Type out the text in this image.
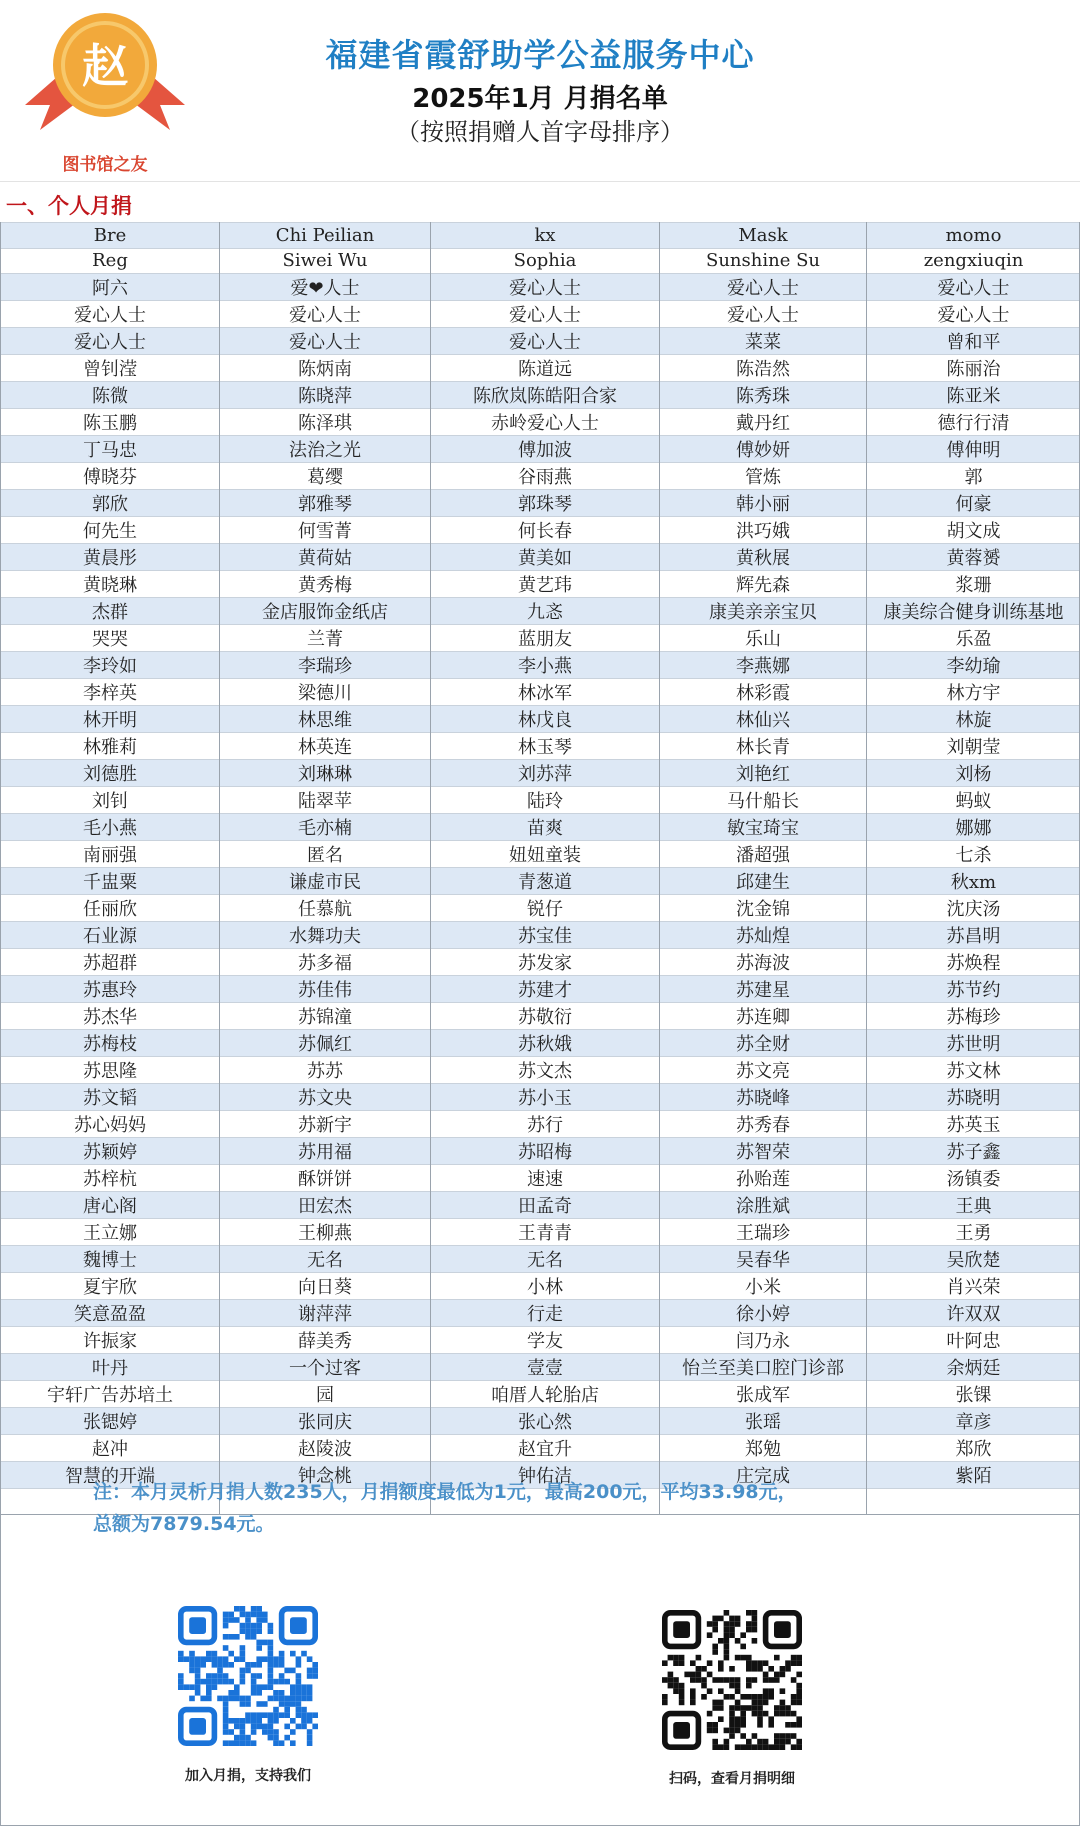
赵
图书馆之友
福建省霞舒助学公益服务中心
2025年1月 月捐名单
（按照捐赠人首字母排序）
一、个人月捐
Bre	Chi Peilian	kx	Mask	momo
Reg	Siwei Wu	Sophia	Sunshine Su	zengxiuqin
阿六	爱❤人士	爱心人士	爱心人士	爱心人士
爱心人士	爱心人士	爱心人士	爱心人士	爱心人士
爱心人士	爱心人士	爱心人士	菜菜	曾和平
曾钊滢	陈炳南	陈道远	陈浩然	陈丽治
陈微	陈晓萍	陈欣岚陈皓阳合家	陈秀珠	陈亚米
陈玉鹏	陈泽琪	赤岭爱心人士	戴丹红	德行行清
丁马忠	法治之光	傅加波	傅妙妍	傅伸明
傅晓芬	葛缨	谷雨燕	管炼	郭
郭欣	郭雅琴	郭珠琴	韩小丽	何豪
何先生	何雪菁	何长春	洪巧娥	胡文成
黄晨彤	黄荷姑	黄美如	黄秋展	黄蓉赟
黄晓琳	黄秀梅	黄艺玮	辉先森	浆珊
杰群	金店服饰金纸店	九忞	康美亲亲宝贝	康美综合健身训练基地
哭哭	兰菁	蓝朋友	乐山	乐盈
李玲如	李瑞珍	李小燕	李燕娜	李幼瑜
李梓英	梁德川	林冰军	林彩霞	林方宇
林开明	林思维	林戊良	林仙兴	林旋
林雅莉	林英连	林玉琴	林长青	刘朝莹
刘德胜	刘琳琳	刘苏萍	刘艳红	刘杨
刘钊	陆翠苹	陆玲	马什船长	蚂蚁
毛小燕	毛亦楠	苗爽	敏宝琦宝	娜娜
南丽强	匿名	妞妞童装	潘超强	七杀
千盅粟	谦虚市民	青葱道	邱建生	秋xm
任丽欣	任慕航	锐仔	沈金锦	沈庆汤
石业源	水舞功夫	苏宝佳	苏灿煌	苏昌明
苏超群	苏多福	苏发家	苏海波	苏焕程
苏惠玲	苏佳伟	苏建才	苏建星	苏节约
苏杰华	苏锦潼	苏敬衍	苏连卿	苏梅珍
苏梅枝	苏佩红	苏秋娥	苏全财	苏世明
苏思隆	苏苏	苏文杰	苏文亮	苏文林
苏文韬	苏文央	苏小玉	苏晓峰	苏晓明
苏心妈妈	苏新宇	苏行	苏秀春	苏英玉
苏颖婷	苏用福	苏昭梅	苏智荣	苏子鑫
苏梓杭	酥饼饼	速速	孙贻莲	汤镇委
唐心阁	田宏杰	田孟奇	涂胜斌	王典
王立娜	王柳燕	王青青	王瑞珍	王勇
魏博士	无名	无名	吴春华	吴欣楚
夏宇欣	向日葵	小林	小米	肖兴荣
笑意盈盈	谢萍萍	行走	徐小婷	许双双
许振家	薛美秀	学友	闫乃永	叶阿忠
叶丹	一个过客	壹壹	怡兰至美口腔门诊部	余炳廷
宇轩广告苏培土	园	咱厝人轮胎店	张成军	张锞
张锶婷	张同庆	张心然	张瑶	章彦
赵冲	赵陵波	赵宜升	郑勉	郑欣
智慧的开端	钟念桃	钟佑洁	庄完成	紫陌

注：本月灵析月捐人数235人，月捐额度最低为1元，最高200元，平均33.98元，
总额为7879.54元。
加入月捐，支持我们	扫码，查看月捐明细
